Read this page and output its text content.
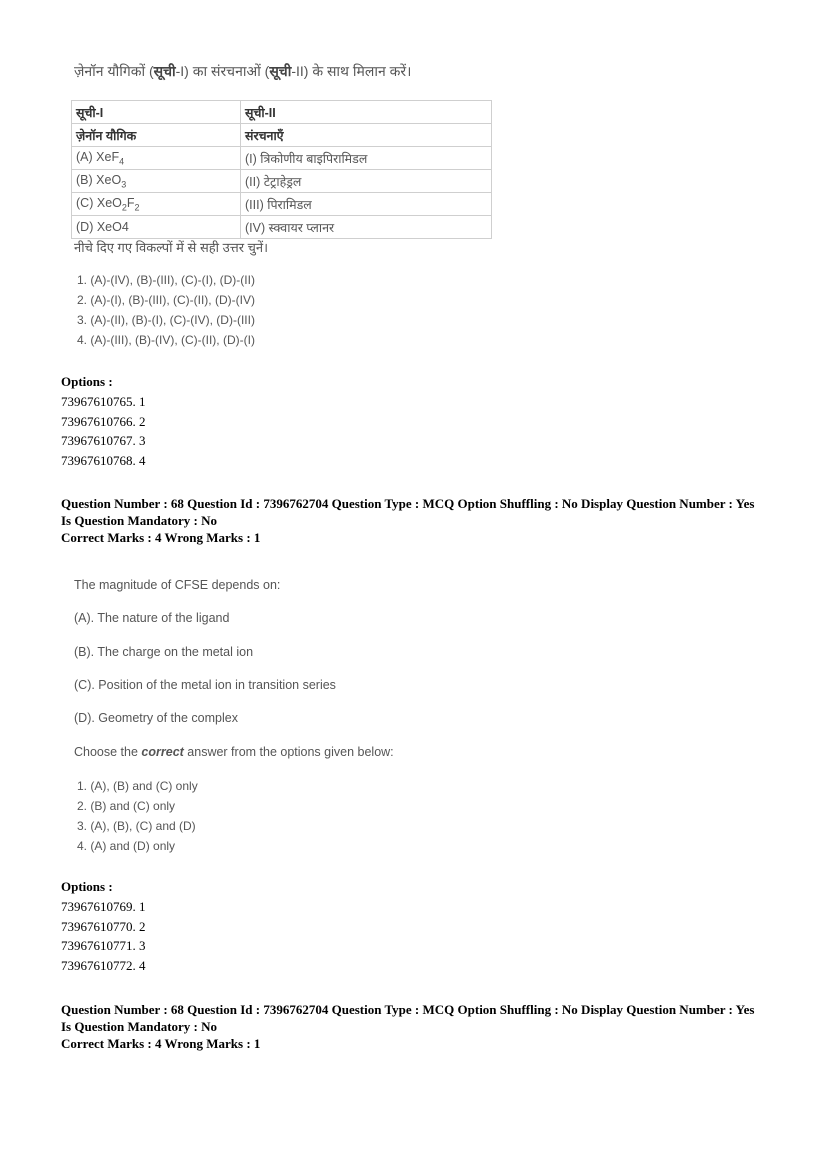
ज़ेनॉन यौगिकों (सूची-I) का संरचनाओं (सूची-II) के साथ मिलान करें।
सूची-I	सूची-II
ज़ेनॉन यौगिक	संरचनाएँ
(A) XeF$_4$	(I) त्रिकोणीय बाइपिरामिडल
(B) XeO$_3$	(II) टेट्राहेड्रल
(C) $XeO_2F_2$	(III) पिरामिडल
(D) XeO4	(IV) स्क्वायर प्लानर
नीचे दिए गए विकल्पों में से सही उत्तर चुनें।
1. (A)-(IV), (B)-(III), (C)-(I), (D)-(II)
2. (A)-(I), (B)-(III), (C)-(II), (D)-(IV)
3. (A)-(II), (B)-(I), (C)-(IV), (D)-(III)
4. (A)-(III), (B)-(IV), (C)-(II), (D)-(I)
Options :
73967610765. 1
73967610766. 2
73967610767. 3
73967610768. 4
Question Number : 68 Question Id : 7396762704 Question Type : MCQ Option Shuffling : No Display Question Number : Yes
Is Question Mandatory : No
Correct Marks : 4 Wrong Marks : 1
The magnitude of CFSE depends on:
(A). The nature of the ligand
(B). The charge on the metal ion
(C). Position of the metal ion in transition series
(D). Geometry of the complex
Choose the correct answer from the options given below:
1. (A), (B) and (C) only
2. (B) and (C) only
3. (A), (B), (C) and (D)
4. (A) and (D) only
Options :
73967610769. 1
73967610770. 2
73967610771. 3
73967610772. 4
Question Number : 68 Question Id : 7396762704 Question Type : MCQ Option Shuffling : No Display Question Number : Yes
Is Question Mandatory : No
Correct Marks : 4 Wrong Marks : 1
